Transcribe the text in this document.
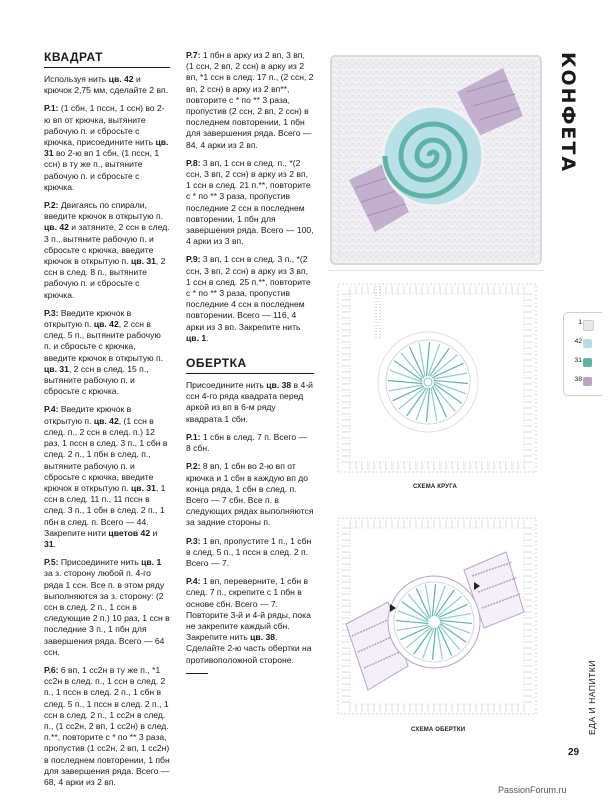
КВАДРАТ
Используя нить цв. 42 и крючок 2,75 мм, сделайте 2 вп.
Р.1: (1 сбн, 1 пссн, 1 ссн) во 2-ю вп от крючка, вытяните рабочую п. и сбросьте с крючка, присоедините нить цв. 31 во 2-ю вп 1 сбн, (1 пссн, 1 ссн) в ту же п., вытяните рабочую п. и сбросьте с крючка.
Р.2: Двигаясь по спирали, введите крючок в открытую п. цв. 42 и затяните, 2 ссн в след. 3 п., вытяните рабочую п. и сбросьте с крючка, введите крючок в открытую п. цв. 31, 2 ссн в след. 8 п., вытяните рабочую п. и сбросьте с крючка.
Р.3: Введите крючок в открытую п. цв. 42, 2 ссн в след. 5 п., вытяните рабочую п. и сбросьте с крючка, введите крючок в открытую п. цв. 31, 2 ссн в след. 15 п., вытяните рабочую п. и сбросьте с крючка.
Р.4: Введите крючок в открытую п. цв. 42, (1 ссн в след. п., 2 ссн в след. п.) 12 раз, 1 пссн в след. 3 п., 1 сбн в след. 2 п., 1 пбн в след. п., вытяните рабочую п. и сбросьте с крючка, введите крючок в открытую п. цв. 31, 1 ссн в след. 11 п., 11 пссн в след. 3 п., 1 сбн в след. 2 п., 1 пбн в след. п. Всего — 44. Закрепите нити цветов 42 и 31.
Р.5: Присоедините нить цв. 1 за з. сторону любой п. 4-го ряда 1 ссн. Все п. в этом ряду выполняются за з. сторону: (2 ссн в след. 2 п., 1 ссн в следующие 2 п.) 10 раз, 1 ссн в последние 3 п., 1 пбн для завершения ряда. Всего — 64 ссн.
Р.6: 6 вп, 1 сс2н в ту же п., *1 сс2н в след. п., 1 ссн в след. 2 п., 1 пссн в след. 2 п., 1 сбн в след. 5 п., 1 пссн в след. 2 п., 1 ссн в след. 2 п., 1 сс2н в след. п., (1 сс2н, 2 вп, 1 сс2н) в след. п.**, повторите с * по ** 3 раза, пропустив (1 сс2н, 2 вп, 1 сс2н) в последнем повторении, 1 пбн для завершения ряда. Всего — 68, 4 арки из 2 вп.
Р.7: 1 пбн в арку из 2 вп, 3 вп, (1 ссн, 2 вп, 2 ссн) в арку из 2 вп, *1 ссн в след. 17 п., (2 ссн, 2 вп, 2 ссн) в арку из 2 вп**, повторите с * по ** 3 раза, пропустив (2 ссн, 2 вп, 2 ссн) в последнем повторении, 1 пбн для завершения ряда. Всего — 84, 4 арки из 2 вп.
Р.8: 3 вп, 1 ссн в след. п., *(2 ссн, 3 вп, 2 ссн) в арку из 2 вп, 1 ссн в след. 21 п.**, повторите с * по ** 3 раза, пропустив последние 2 ссн в последнем повторении, 1 пбн для завершения ряда. Всего — 100, 4 арки из 3 вп.
Р.9: 3 вп, 1 ссн в след. 3 п., *(2 ссн, 3 вп, 2 ссн) в арку из 3 вп, 1 ссн в след. 25 п.**, повторите с * по ** 3 раза, пропустив последние 4 ссн в последнем повторении. Всего — 116, 4 арки из 3 вп. Закрепите нить цв. 1.
ОБЕРТКА
Присоедините нить цв. 38 в 4-й ссн 4-го ряда квадрата перед аркой из вп в 6-м ряду квадрата 1 сбн.
Р.1: 1 сбн в след. 7 п. Всего — 8 сбн.
Р.2: 8 вп, 1 сбн во 2-ю вп от крючка и 1 сбн в каждую вп до конца ряда, 1 сбн в след. п. Всего — 7 сбн. Все п. в следующих рядах выполняются за задние стороны п.
Р.3: 1 вп, пропустите 1 п., 1 сбн в след. 5 п., 1 пссн в след. 2 п. Всего — 7.
Р.4: 1 вп, переверните, 1 сбн в след. 7 п., скрепите с 1 пбн в основе сбн. Всего — 7. Повторите 3-й и 4-й ряды, пока не закрепите каждый сбн. Закрепите нить цв. 38. Сделайте 2-ю часть обертки на противоположной стороне.
КОНФЕТА
1
42
31
38
СХЕМА КРУГА
СХЕМА ОБЕРТКИ	ЕДА И НАПИТКИ
29
PassionForum.ru
